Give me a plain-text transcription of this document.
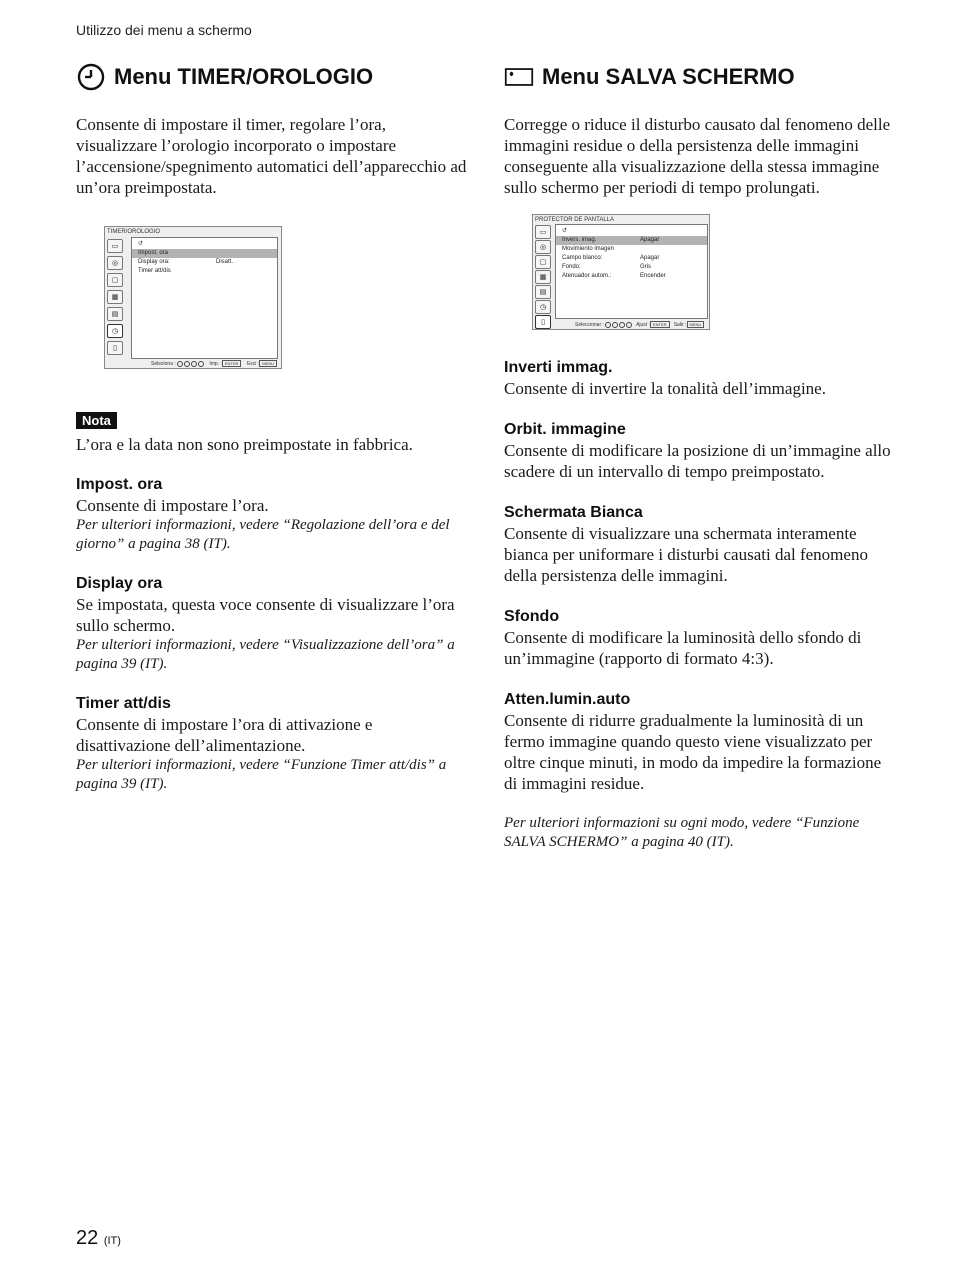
Utilizzo dei menu a schermo
Menu TIMER/OROLOGIO

Consente di impostare il timer, regolare l’ora, visualizzare l’orologio incorporato o impostare l’accensione/spegnimento automatici dell’apparecchio ad un’ora preimpostata.

TIMER/OROLOGIO
▭
◎
▢
▦
▤
◷
▯
↺
Impost. ora
Display ora:	Disatt.
Timer att/dis
Seleziona :	Imp. : ENTER Esci : MENU
Nota

L’ora e la data non sono preimpostate in fabbrica.

Impost. ora

Consente di impostare l’ora.

Per ulteriori informazioni, vedere “Regolazione dell’ora e del giorno” a pagina 38 (IT).

Display ora

Se impostata, questa voce consente di visualizzare l’ora sullo schermo.

Per ulteriori informazioni, vedere “Visualizzazione dell’ora” a pagina 39 (IT).

Timer att/dis

Consente di impostare l’ora di attivazione e disattivazione dell’alimentazione.

Per ulteriori informazioni, vedere “Funzione Timer att/dis” a pagina 39 (IT).

Menu SALVA SCHERMO

Corregge o riduce il disturbo causato dal fenomeno delle immagini residue o della persistenza delle immagini conseguente alla visualizzazione della stessa immagine sullo schermo per periodi di tempo prolungati.

PROTECTOR DE PANTALLA
▭
◎
▢
▦
▤
◷
▯
↺
Invers. imag.	Apagar
Movimiento imagen
Campo blanco:	Apagar
Fondo:	Gris
Atenuador autom.:	Encender
Seleccionar :	Ajust : ENTER Salir : MENU
Inverti immag.

Consente di invertire la tonalità dell’immagine.

Orbit. immagine

Consente di modificare la posizione di un’immagine allo scadere di un intervallo di tempo preimpostato.

Schermata Bianca

Consente di visualizzare una schermata interamente bianca per uniformare i disturbi causati dal fenomeno della persistenza delle immagini.

Sfondo

Consente di modificare la luminosità dello sfondo di un’immagine (rapporto di formato 4:3).

Atten.lumin.auto

Consente di ridurre gradualmente la luminosità di un fermo immagine quando questo viene visualizzato per oltre cinque minuti, in modo da impedire la formazione di immagini residue.

Per ulteriori informazioni su ogni modo, vedere “Funzione SALVA SCHERMO” a pagina 40 (IT).

22 (IT)
